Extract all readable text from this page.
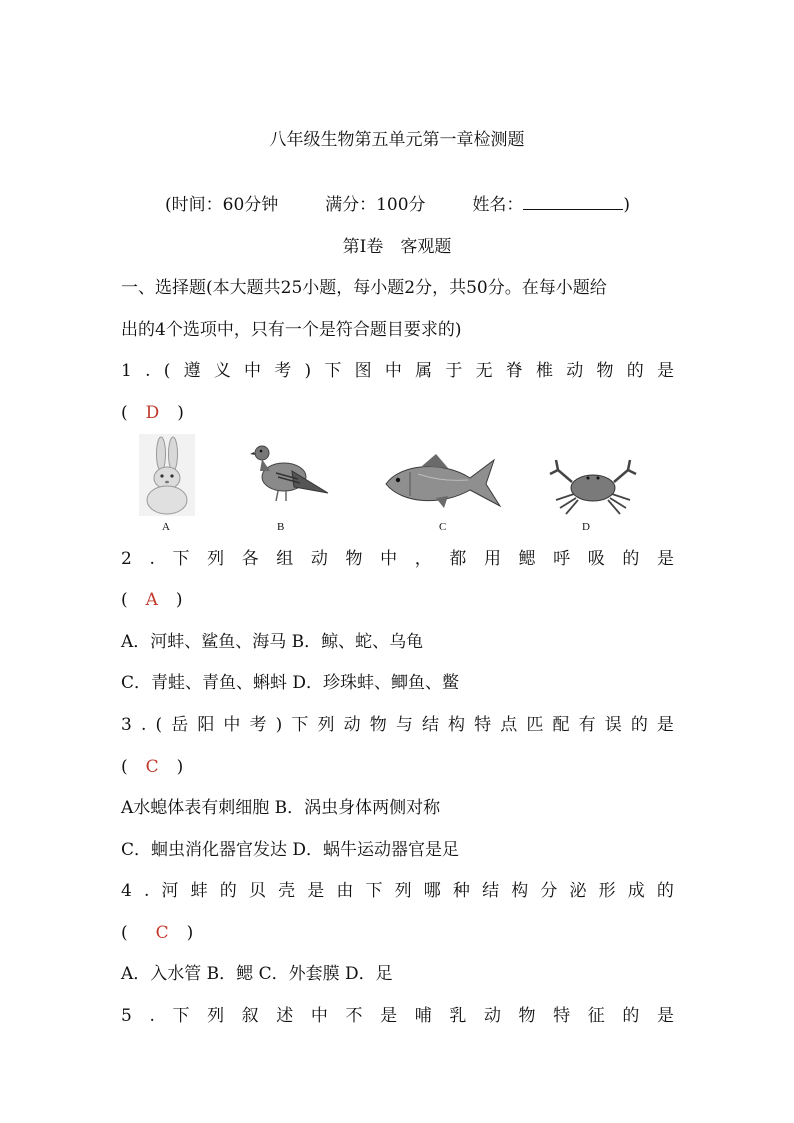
八年级生物第五单元第一章检测题
(时间：60分钟	满分：100分	姓名：	)
第Ⅰ卷　客观题
一、选择题(本大题共25小题，每小题2分，共50分。在每小题给
出的4个选项中，只有一个是符合题目要求的)
1 . ( 遵 义 中 考 ) 下 图 中 属 于 无 脊 椎 动 物 的 是
( D )
A	B	C	D
2 . 下 列 各 组 动 物 中 ， 都 用 鳃 呼 吸 的 是
( A )
A．河蚌、鲨鱼、海马 B．鲸、蛇、乌龟
C．青蛙、青鱼、蝌蚪 D．珍珠蚌、鲫鱼、鳖
3 . ( 岳 阳 中 考 ) 下 列 动 物 与 结 构 特 点 匹 配 有 误 的 是
( C )
A水螅体表有刺细胞 B．涡虫身体两侧对称
C．蛔虫消化器官发达 D．蜗牛运动器官是足
4 . 河 蚌 的 贝 壳 是 由 下 列 哪 种 结 构 分 泌 形 成 的
( C )
A．入水管 B．鳃 C．外套膜 D．足
5 . 下 列 叙 述 中 不 是 哺 乳 动 物 特 征 的 是
